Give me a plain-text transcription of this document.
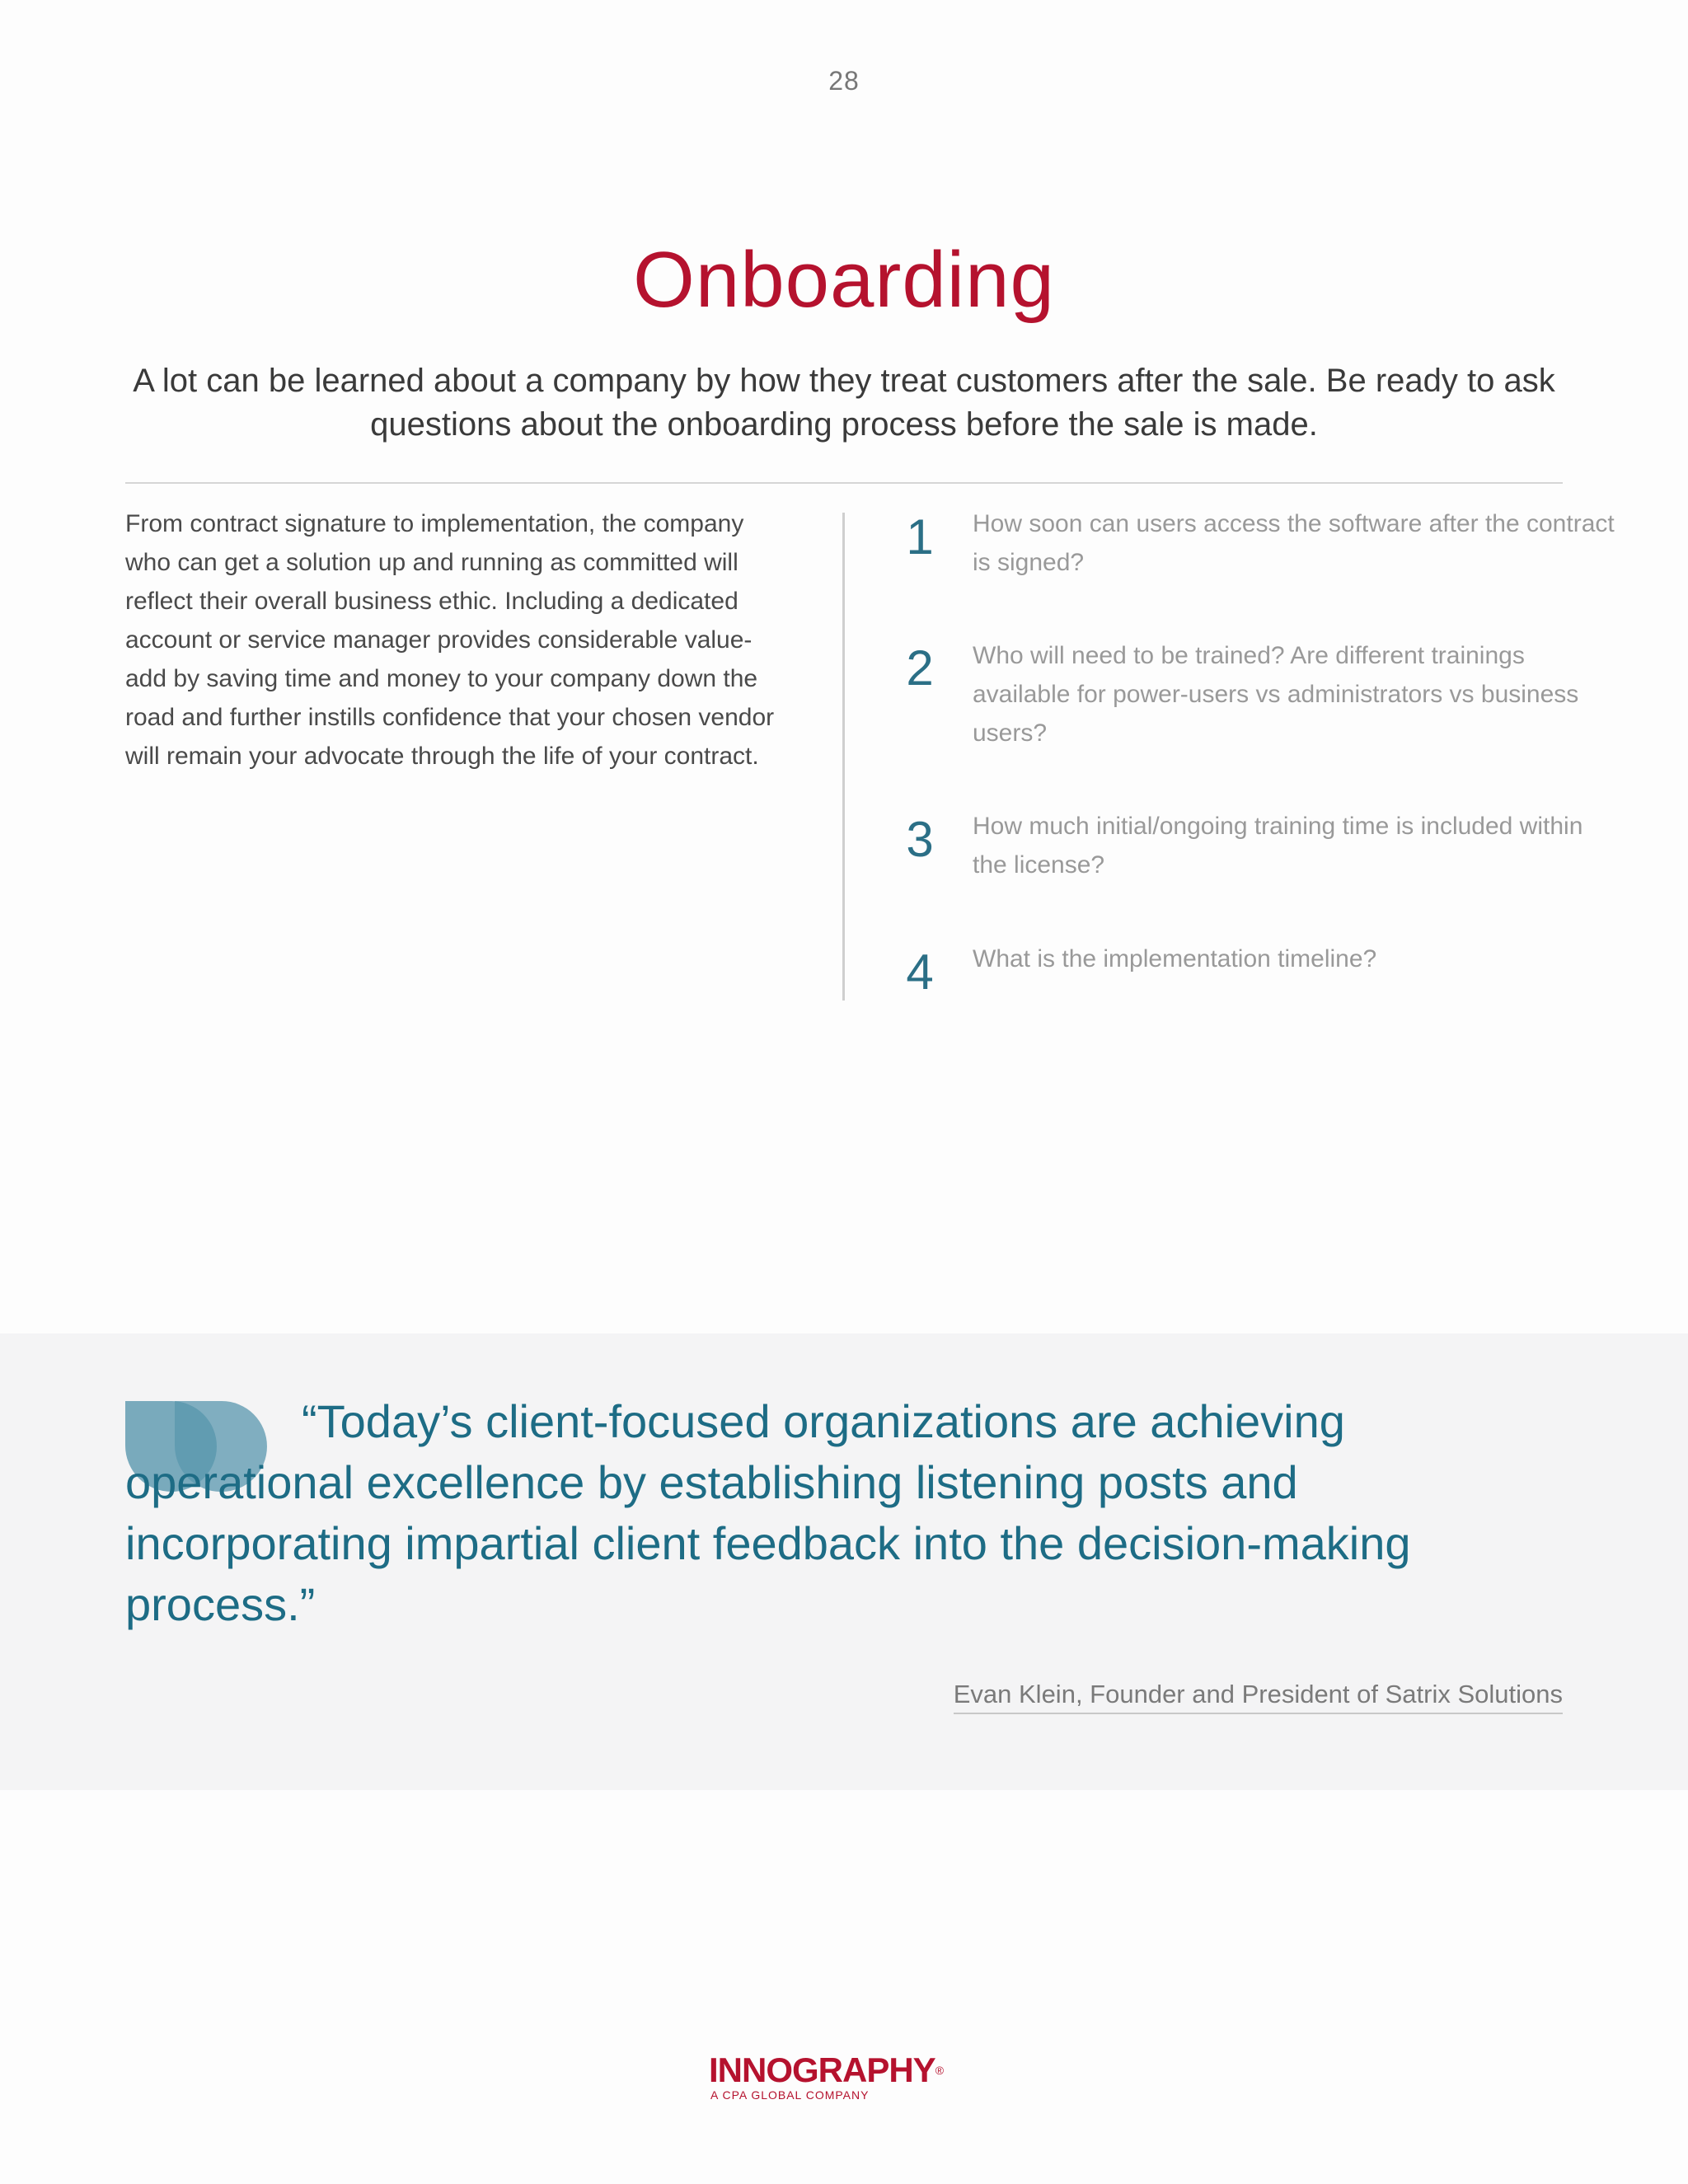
28
Onboarding

A lot can be learned about a company by how they treat customers after the sale. Be ready to ask questions about the onboarding process before the sale is made.

From contract signature to implementation, the company who can get a solution up and running as committed will reflect their overall business ethic. Including a dedicated account or service manager provides considerable value-add by saving time and money to your company down the road and further instills confidence that your chosen vendor will remain your advocate through the life of your contract.

1	How soon can users access the software after the contract is signed?
2	Who will need to be trained? Are different trainings available for power-users vs administrators vs business users?
3	How much initial/ongoing training time is included within the license?
4	What is the implementation timeline?

“Today’s client-focused organizations are achieving operational excellence by establishing listening posts and incorporating impartial client feedback into the decision-making process.”

Evan Klein, Founder and President of Satrix Solutions
INNOGRAPHY®
A CPA GLOBAL COMPANY
